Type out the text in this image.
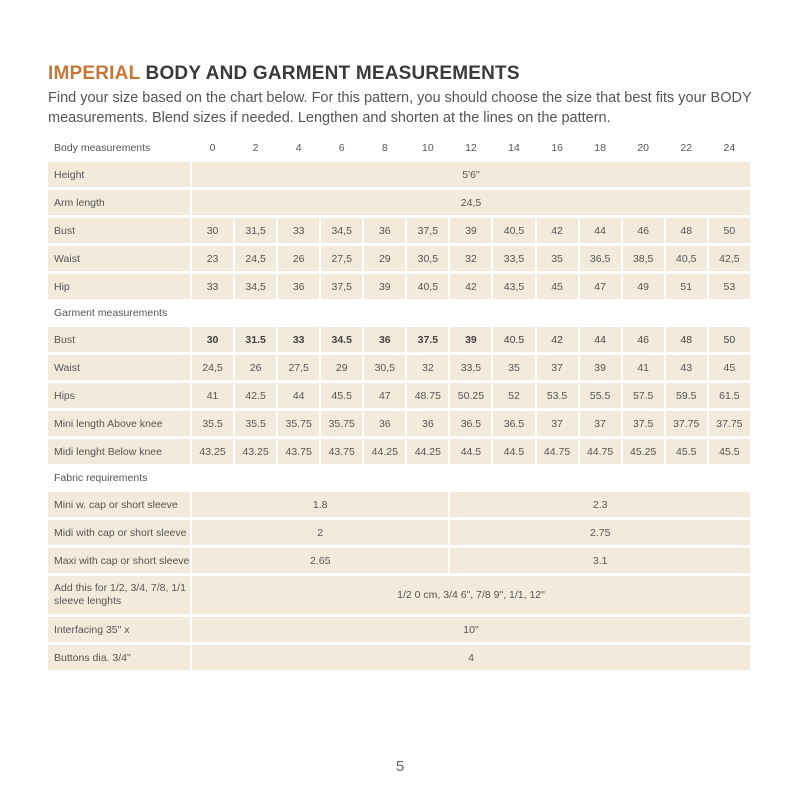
IMPERIAL BODY AND GARMENT MEASUREMENTS

Find your size based on the chart below. For this pattern, you should choose the size that best fits your BODY measurements. Blend sizes if needed. Lengthen and shorten at the lines on the pattern.

Body measurements	0	2	4	6	8	10	12	14	16	18	20	22	24
Height	5'6"												
Arm length	24,5												
Bust	30	31,5	33	34,5	36	37,5	39	40,5	42	44	46	48	50
Waist	23	24,5	26	27,5	29	30,5	32	33,5	35	36,5	38,5	40,5	42,5
Hip	33	34,5	36	37,5	39	40,5	42	43,5	45	47	49	51	53
Garment measurements													
Bust	30	31.5	33	34.5	36	37.5	39	40.5	42	44	46	48	50
Waist	24,5	26	27,5	29	30,5	32	33,5	35	37	39	41	43	45
Hips	41	42.5	44	45.5	47	48.75	50.25	52	53.5	55.5	57.5	59.5	61.5
Mini length Above knee	35.5	35.5	35.75	35.75	36	36	36.5	36.5	37	37	37.5	37.75	37.75
Midi lenght Below knee	43.25	43.25	43.75	43.75	44.25	44.25	44.5	44.5	44.75	44.75	45.25	45.5	45.5
Fabric requirements													
Mini w. cap or short sleeve	1.8						2.3						
Midi with cap or short sleeve	2						2.75						
Maxi with cap or short sleeve	2.65						3.1						
Add this for 1/2, 3/4, 7/8, 1/1 sleeve lenghts	1/2 0 cm, 3/4 6", 7/8 9", 1/1, 12"												
Interfacing 35" x	10"												
Buttons dia. 3/4"	4												
5
